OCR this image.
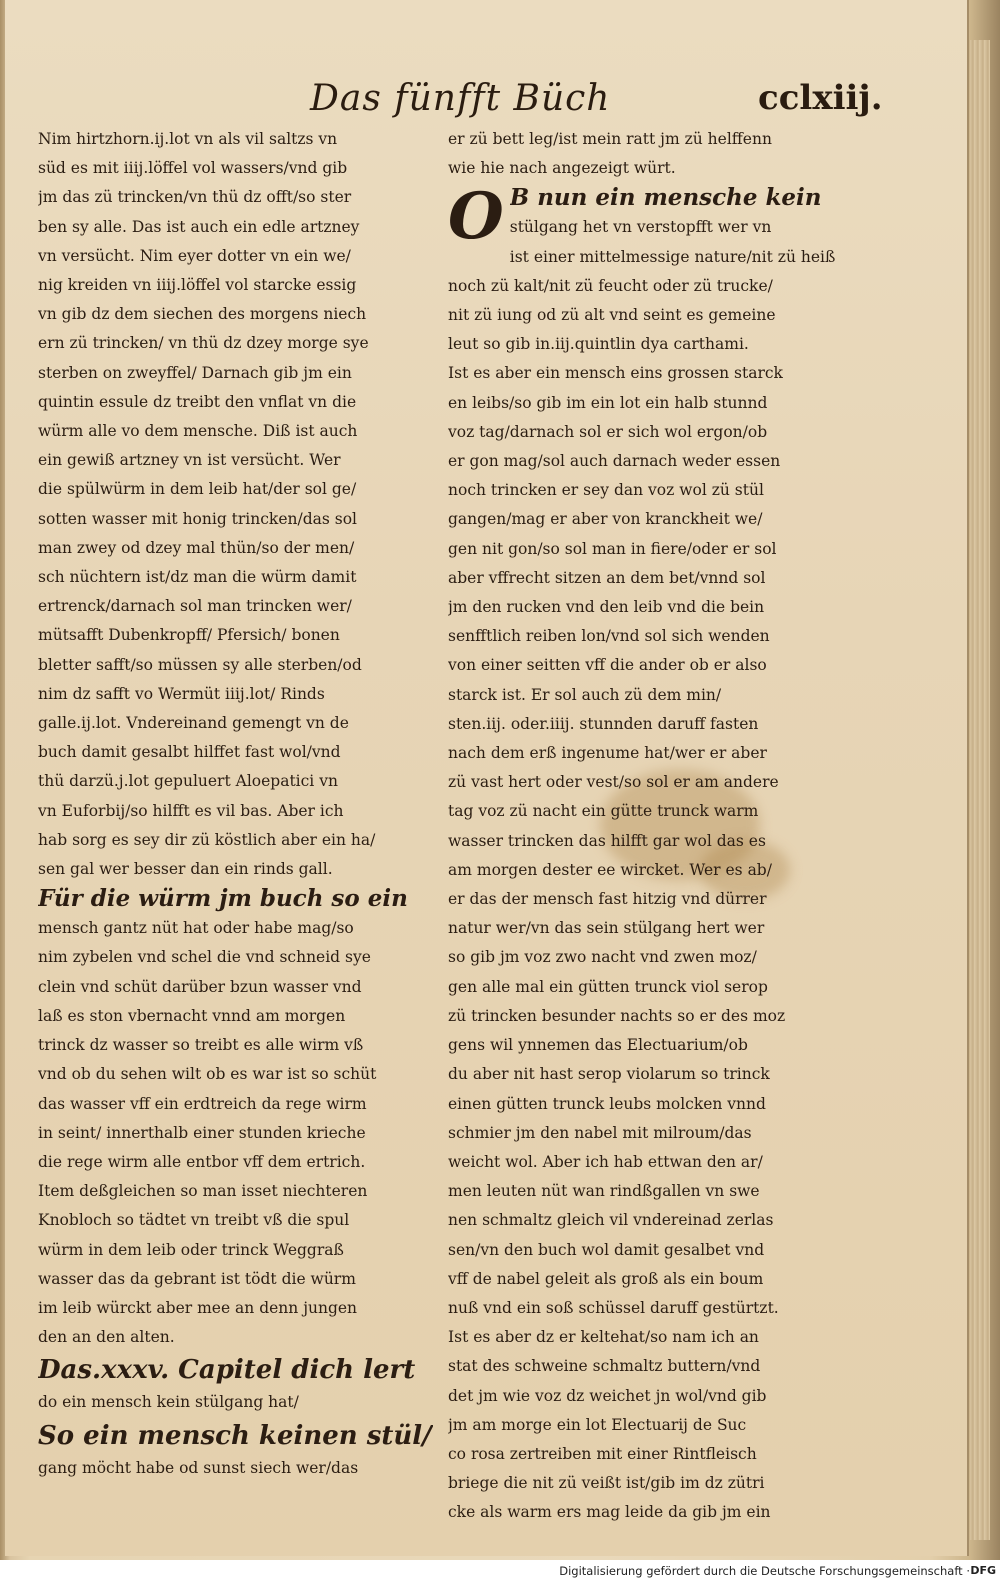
Das fünfft Büch	cclxiij.
Nim hirtzhorn.ij.lot vn als vil saltzs vn
süd es mit iiij.löffel vol wassers/vnd gib
jm das zü trincken/vn thü dz offt/so ster
ben sy alle. Das ist auch ein edle artzney
vn versücht. Nim eyer dotter vn ein we/
nig kreiden vn iiij.löffel vol starcke essig
vn gib dz dem siechen des morgens niech
ern zü trincken/ vn thü dz dzey morge sye
sterben on zweyffel/ Darnach gib jm ein
quintin essule dz treibt den vnflat vn die
würm alle vo dem mensche. Diß ist auch
ein gewiß artzney vn ist versücht. Wer
die spülwürm in dem leib hat/der sol ge/
sotten wasser mit honig trincken/das sol
man zwey od dzey mal thün/so der men/
sch nüchtern ist/dz man die würm damit
ertrenck/darnach sol man trincken wer/
mütsafft Dubenkropff/ Pfersich/ bonen
bletter safft/so müssen sy alle sterben/od
nim dz safft vo Wermüt iiij.lot/ Rinds
galle.ij.lot. Vndereinand gemengt vn de
buch damit gesalbt hilffet fast wol/vnd
thü darzü.j.lot gepuluert Aloepatici vn
vn Euforbij/so hilfft es vil bas. Aber ich
hab sorg es sey dir zü köstlich aber ein ha/
sen gal wer besser dan ein rinds gall.
Für die würm jm buch so ein
mensch gantz nüt hat oder habe mag/so
nim zybelen vnd schel die vnd schneid sye
clein vnd schüt darüber bzun wasser vnd
laß es ston vbernacht vnnd am morgen
trinck dz wasser so treibt es alle wirm vß
vnd ob du sehen wilt ob es war ist so schüt
das wasser vff ein erdtreich da rege wirm
in seint/ innerthalb einer stunden krieche
die rege wirm alle entbor vff dem ertrich.
Item deßgleichen so man isset niechteren
Knobloch so tädtet vn treibt vß die spul
würm in dem leib oder trinck Weggraß
wasser das da gebrant ist tödt die würm
im leib würckt aber mee an denn jungen
den an den alten.
Das.xxxv. Capitel dich lert
do ein mensch kein stülgang hat/
So ein mensch keinen stül/
gang möcht habe od sunst siech wer/das
er zü bett leg/ist mein ratt jm zü helffenn
wie hie nach angezeigt würt.
O B nun ein mensche kein
stülgang het vn verstopfft wer vn
ist einer mittelmessige nature/nit zü heiß
noch zü kalt/nit zü feucht oder zü trucke/
nit zü iung od zü alt vnd seint es gemeine
leut so gib in.iij.quintlin dya carthami.
Ist es aber ein mensch eins grossen starck
en leibs/so gib im ein lot ein halb stunnd
voz tag/darnach sol er sich wol ergon/ob
er gon mag/sol auch darnach weder essen
noch trincken er sey dan voz wol zü stül
gangen/mag er aber von kranckheit we/
gen nit gon/so sol man in fiere/oder er sol
aber vffrecht sitzen an dem bet/vnnd sol
jm den rucken vnd den leib vnd die bein
senfftlich reiben lon/vnd sol sich wenden
von einer seitten vff die ander ob er also
starck ist. Er sol auch zü dem min/
sten.iij. oder.iiij. stunnden daruff fasten
nach dem erß ingenume hat/wer er aber
zü vast hert oder vest/so sol er am andere
tag voz zü nacht ein gütte trunck warm
wasser trincken das hilfft gar wol das es
am morgen dester ee wircket. Wer es ab/
er das der mensch fast hitzig vnd dürrer
natur wer/vn das sein stülgang hert wer
so gib jm voz zwo nacht vnd zwen moz/
gen alle mal ein gütten trunck viol serop
zü trincken besunder nachts so er des moz
gens wil ynnemen das Electuarium/ob
du aber nit hast serop violarum so trinck
einen gütten trunck leubs molcken vnnd
schmier jm den nabel mit milroum/das
weicht wol. Aber ich hab ettwan den ar/
men leuten nüt wan rindßgallen vn swe
nen schmaltz gleich vil vndereinad zerlas
sen/vn den buch wol damit gesalbet vnd
vff de nabel geleit als groß als ein boum
nuß vnd ein soß schüssel daruff gestürtzt.
Ist es aber dz er keltehat/so nam ich an
stat des schweine schmaltz buttern/vnd
det jm wie voz dz weichet jn wol/vnd gib
jm am morge ein lot Electuarij de Suc
co rosa zertreiben mit einer Rintfleisch
briege die nit zü veißt ist/gib im dz zütri
cke als warm ers mag leide da gib jm ein
Digitalisierung gefördert durch die Deutsche Forschungsgemeinschaft · DFG
